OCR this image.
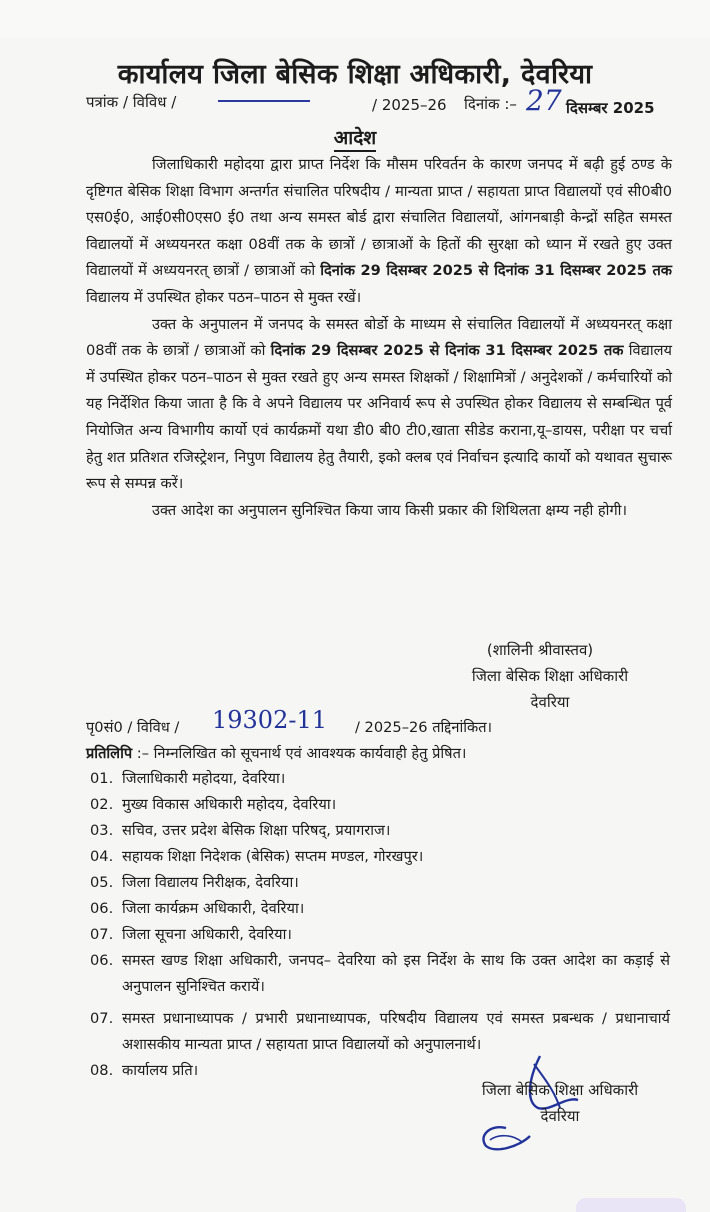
कार्यालय जिला बेसिक शिक्षा अधिकारी, देवरिया
पत्रांक / विविध /	/ 2025–26 दिनांक :– 27 दिसम्बर 2025
आदेश

जिलाधिकारी महोदया द्वारा प्राप्त निर्देश कि मौसम परिवर्तन के कारण जनपद में बढ़ी हुई ठण्ड के दृष्टिगत बेसिक शिक्षा विभाग अन्तर्गत संचालित परिषदीय / मान्यता प्राप्त / सहायता प्राप्त विद्यालयों एवं सी0बी0 एस0ई0, आई0सी0एस0 ई0 तथा अन्य समस्त बोर्ड द्वारा संचालित विद्यालयों, आंगनबाड़ी केन्द्रों सहित समस्त विद्यालयों में अध्ययनरत कक्षा 08वीं तक के छात्रों / छात्राओं के हितों की सुरक्षा को ध्यान में रखते हुए उक्त विद्यालयों में अध्ययनरत् छात्रों / छात्राओं को दिनांक 29 दिसम्बर 2025 से दिनांक 31 दिसम्बर 2025 तक विद्यालय में उपस्थित होकर पठन–पाठन से मुक्त रखें।

उक्त के अनुपालन में जनपद के समस्त बोर्डो के माध्यम से संचालित विद्यालयों में अध्ययनरत् कक्षा 08वीं तक के छात्रों / छात्राओं को दिनांक 29 दिसम्बर 2025 से दिनांक 31 दिसम्बर 2025 तक विद्यालय में उपस्थित होकर पठन–पाठन से मुक्त रखते हुए अन्य समस्त शिक्षकों / शिक्षामित्रों / अनुदेशकों / कर्मचारियों को यह निर्देशित किया जाता है कि वे अपने विद्यालय पर अनिवार्य रूप से उपस्थित होकर विद्यालय से सम्बन्धित पूर्व नियोजित अन्य विभागीय कार्यो एवं कार्यक्रमों यथा डी0 बी0 टी0,खाता सीडेड कराना,यू–डायस, परीक्षा पर चर्चा हेतु शत प्रतिशत रजिस्ट्रेशन, निपुण विद्यालय हेतु तैयारी, इको क्लब एवं निर्वाचन इत्यादि कार्यो को यथावत सुचारू रूप से सम्पन्न करें।

उक्त आदेश का अनुपालन सुनिश्चित किया जाय किसी प्रकार की शिथिलता क्षम्य नही होगी।

(शालिनी श्रीवास्तव)
जिला बेसिक शिक्षा अधिकारी
देवरिया
पृ0सं0 / विविध / 19302-11 / 2025–26 तद्दिनांकित।
प्रतिलिपि :– निम्नलिखित को सूचनार्थ एवं आवश्यक कार्यवाही हेतु प्रेषित।
01. जिलाधिकारी महोदया, देवरिया।
02. मुख्य विकास अधिकारी महोदय, देवरिया।
03. सचिव, उत्तर प्रदेश बेसिक शिक्षा परिषद्, प्रयागराज।
04. सहायक शिक्षा निदेशक (बेसिक) सप्तम मण्डल, गोरखपुर।
05. जिला विद्यालय निरीक्षक, देवरिया।
06. जिला कार्यक्रम अधिकारी, देवरिया।
07. जिला सूचना अधिकारी, देवरिया।
06. समस्त खण्ड शिक्षा अधिकारी, जनपद– देवरिया को इस निर्देश के साथ कि उक्त आदेश का कड़ाई से अनुपालन सुनिश्चित करायें।
07. समस्त प्रधानाध्यापक / प्रभारी प्रधानाध्यापक, परिषदीय विद्यालय एवं समस्त प्रबन्धक / प्रधानाचार्य अशासकीय मान्यता प्राप्त / सहायता प्राप्त विद्यालयों को अनुपालनार्थ।
08. कार्यालय प्रति।
जिला बेसिक शिक्षा अधिकारी
देवरिया
